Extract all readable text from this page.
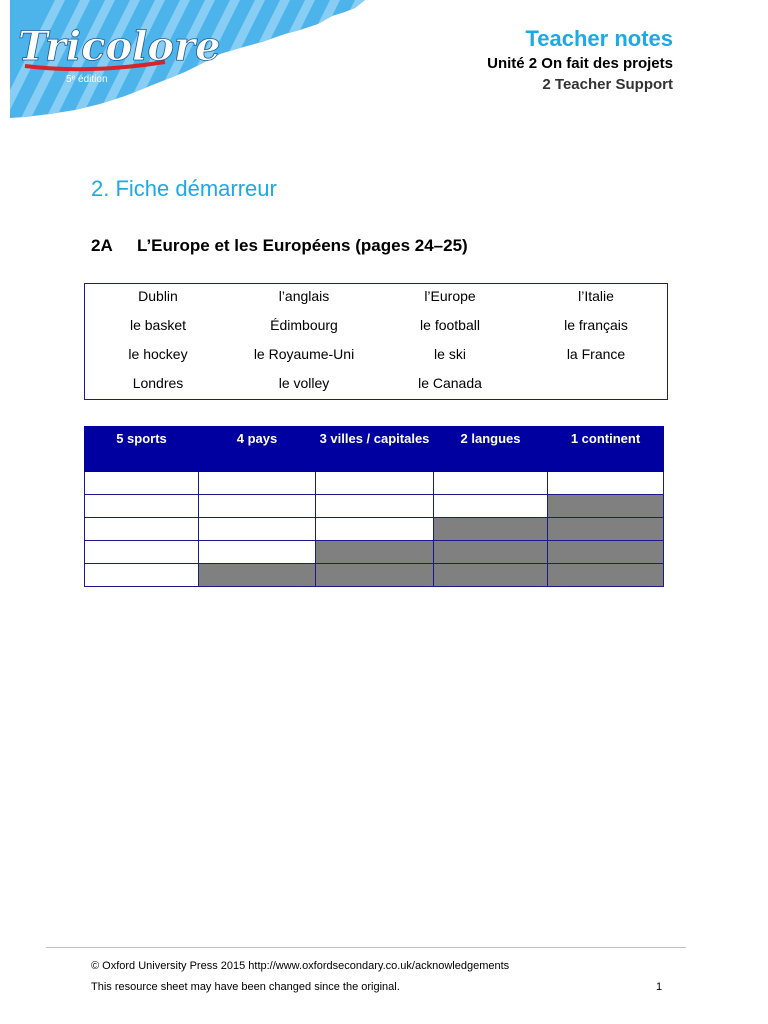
Tricolore
5ᵉ édition
Teacher notes
Unité 2 On fait des projets
2 Teacher Support
2. Fiche démarreur
2A L’Europe et les Européens (pages 24–25)
Dublin	l’anglais	l’Europe	l’Italie
le basket	Édimbourg	le football	le français
le hockey	le Royaume-Uni	le ski	la France
Londres	le volley	le Canada
5 sports	4 pays	3 villes / capitales	2 langues	1 continent

© Oxford University Press 2015 http://www.oxfordsecondary.co.uk/acknowledgements
This resource sheet may have been changed since the original.	1
